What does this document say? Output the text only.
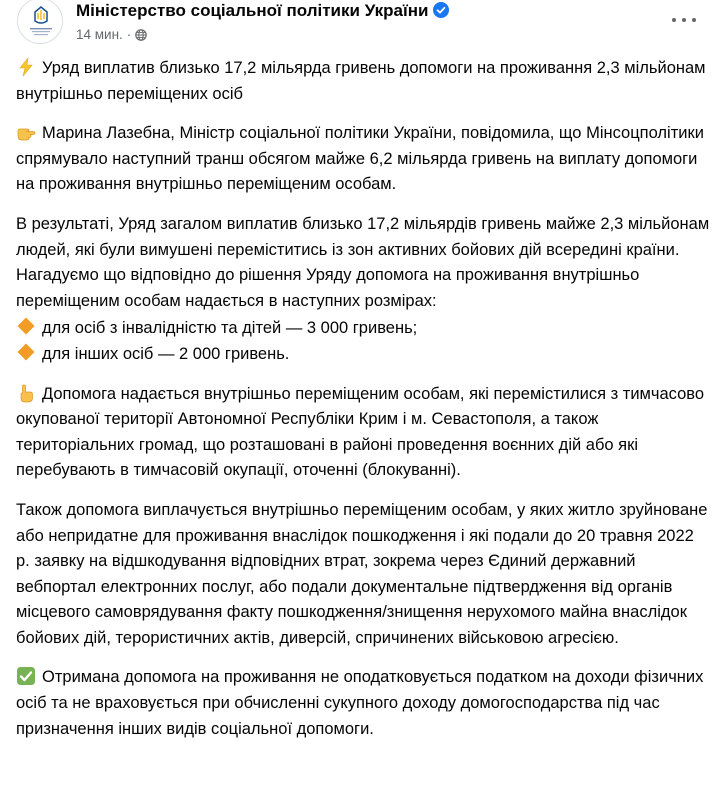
Міністерство соціальної політики України
14 мин. ·

Уряд виплатив близько 17,2 мільярда гривень допомоги на проживання 2,3 мільйонам внутрішньо переміщених осіб

Марина Лазебна, Міністр соціальної політики України, повідомила, що Мінсоцполітики спрямувало наступний транш обсягом майже 6,2 мільярда гривень на виплату допомоги на проживання внутрішньо переміщеним особам.

В результаті, Уряд загалом виплатив близько 17,2 мільярдів гривень майже 2,3 мільйонам людей, які були вимушені переміститись із зон активних бойових дій всередині країни.

Нагадуємо що відповідно до рішення Уряду допомога на проживання внутрішньо переміщеним особам надається в наступних розмірах:

для осіб з інвалідністю та дітей — 3 000 гривень;

для інших осіб — 2 000 гривень.

Допомога надається внутрішньо переміщеним особам, які перемістилися з тимчасово окупованої території Автономної Республіки Крим і м. Севастополя, а також територіальних громад, що розташовані в районі проведення воєнних дій або які перебувають в тимчасовій окупації, оточенні (блокуванні).

Також допомога виплачується внутрішньо переміщеним особам, у яких житло зруйноване або непридатне для проживання внаслідок пошкодження і які подали до 20 травня 2022 р. заявку на відшкодування відповідних втрат, зокрема через Єдиний державний вебпортал електронних послуг, або подали документальне підтвердження від органів місцевого самоврядування факту пошкодження/знищення нерухомого майна внаслідок бойових дій, терористичних актів, диверсій, спричинених військовою агресією.

Отримана допомога на проживання не оподатковується податком на доходи фізичних осіб та не враховується при обчисленні сукупного доходу домогосподарства під час призначення інших видів соціальної допомоги.
